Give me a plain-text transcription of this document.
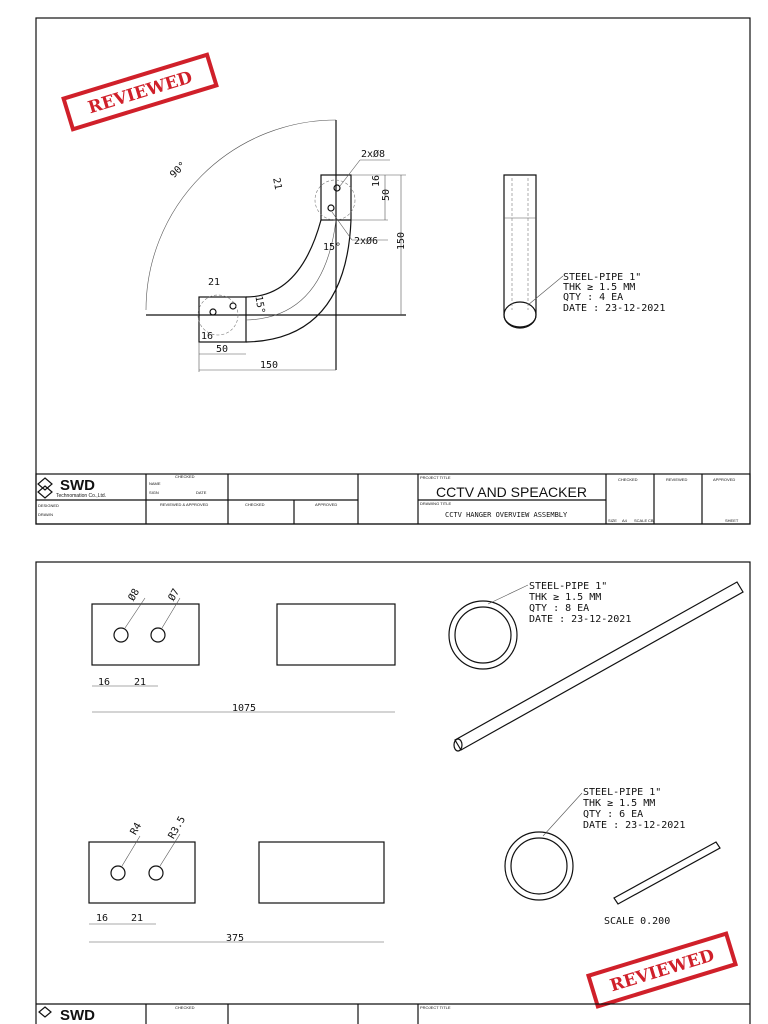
REVIEWED
90°
2xØ8
2xØ6
21	16
50
150
15°
15°
21
16
50
150
STEEL-PIPE 1"
THK ≥ 1.5 MM
QTY : 4 EA
DATE : 23-12-2021
SWD
Technomation Co.,Ltd.
DESIGNED
DRAWN
CHECKED
NAME
SIGN	DATE
REVIEWED & APPROVED	CHECKED	APPROVED
PROJECT TITLE
CCTV AND SPEACKER
DRAWING TITLE
CCTV HANGER OVERVIEW ASSEMBLY
CHECKED	REVIEWED	APPROVED
SIZE A4 SCALE CB	SHEET
Ø8 Ø7
16 21
1075
STEEL-PIPE 1"
THK ≥ 1.5 MM
QTY : 8 EA
DATE : 23-12-2021
R4 R3.5
16 21
375
STEEL-PIPE 1"
THK ≥ 1.5 MM
QTY : 6 EA
DATE : 23-12-2021
SCALE 0.200
REVIEWED
SWD	CHECKED	PROJECT TITLE
